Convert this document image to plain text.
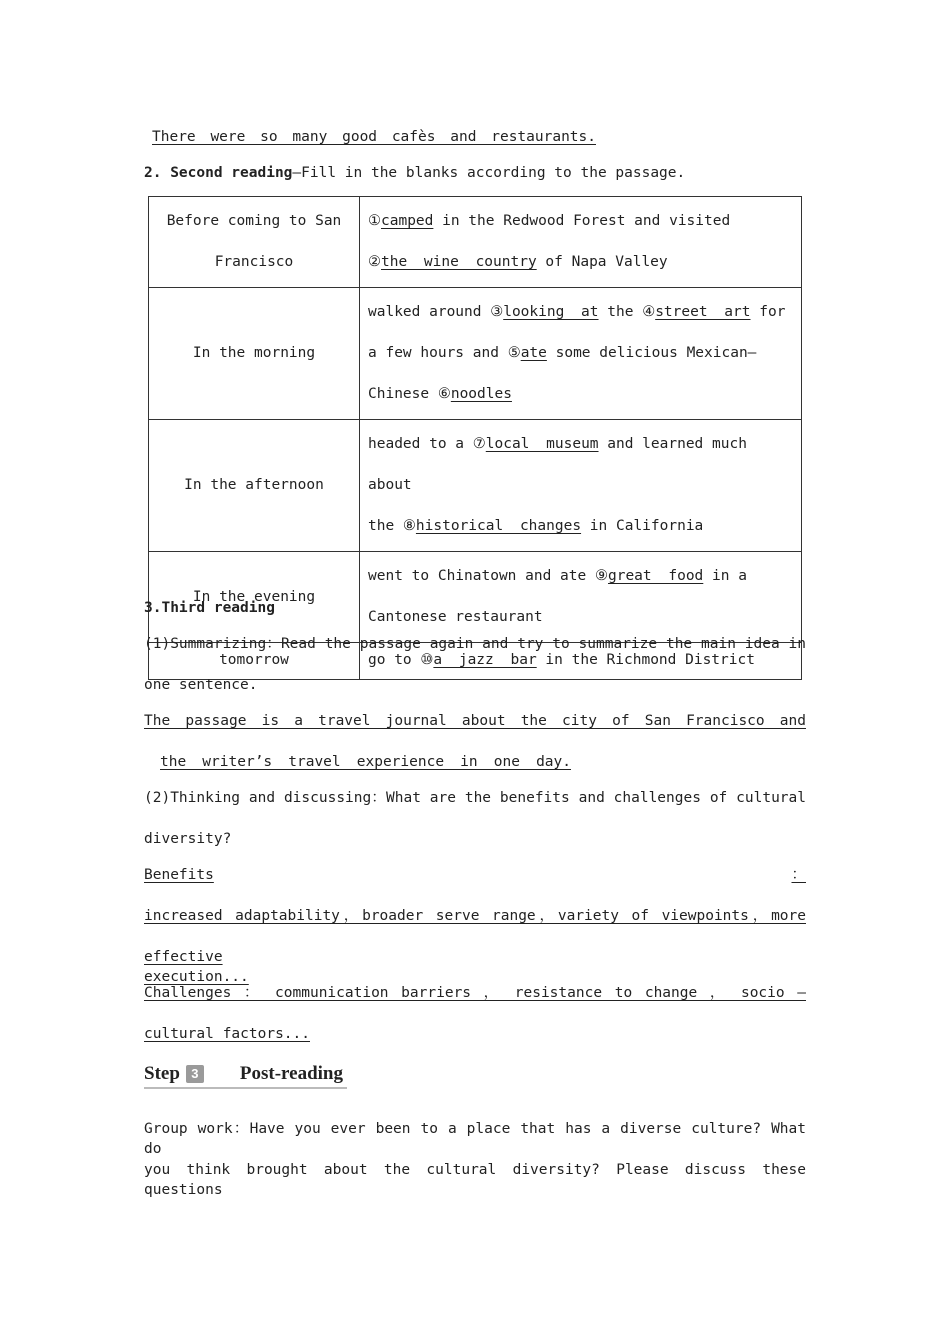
There were so many good cafès and restaurants.
2. Second reading—Fill in the blanks according to the passage.
Before coming to San
Francisco	①camped in the Redwood Forest and visited
②the wine country of Napa Valley

In the morning	walked around ③looking at the ④street art for
a few hours and ⑤ate some delicious Mexican—
Chinese ⑥noodles

In the afternoon	headed to a ⑦local museum and learned much about
the ⑧historical changes in California

In the evening	went to Chinatown and ate ⑨great food in a
Cantonese restaurant

tomorrow	go to ⑩a jazz bar in the Richmond District
3.Third reading
(1)Summarizing：Read the passage again and try to summarize the main idea in
one sentence.
The passage is a travel journal about the city of San Francisco and
the writer’s travel experience in one day.
(2)Thinking and discussing：What are the benefits and challenges of cultural
diversity?
Benefits	：
increased adaptability，broader serve range，variety of viewpoints，more
effective execution...
Challenges ： communication barriers ， resistance to change ， socio —
cultural factors...
Step 3 Post-reading
Group work：Have you ever been to a place that has a diverse culture? What do
you think brought about the cultural diversity? Please discuss these questions
